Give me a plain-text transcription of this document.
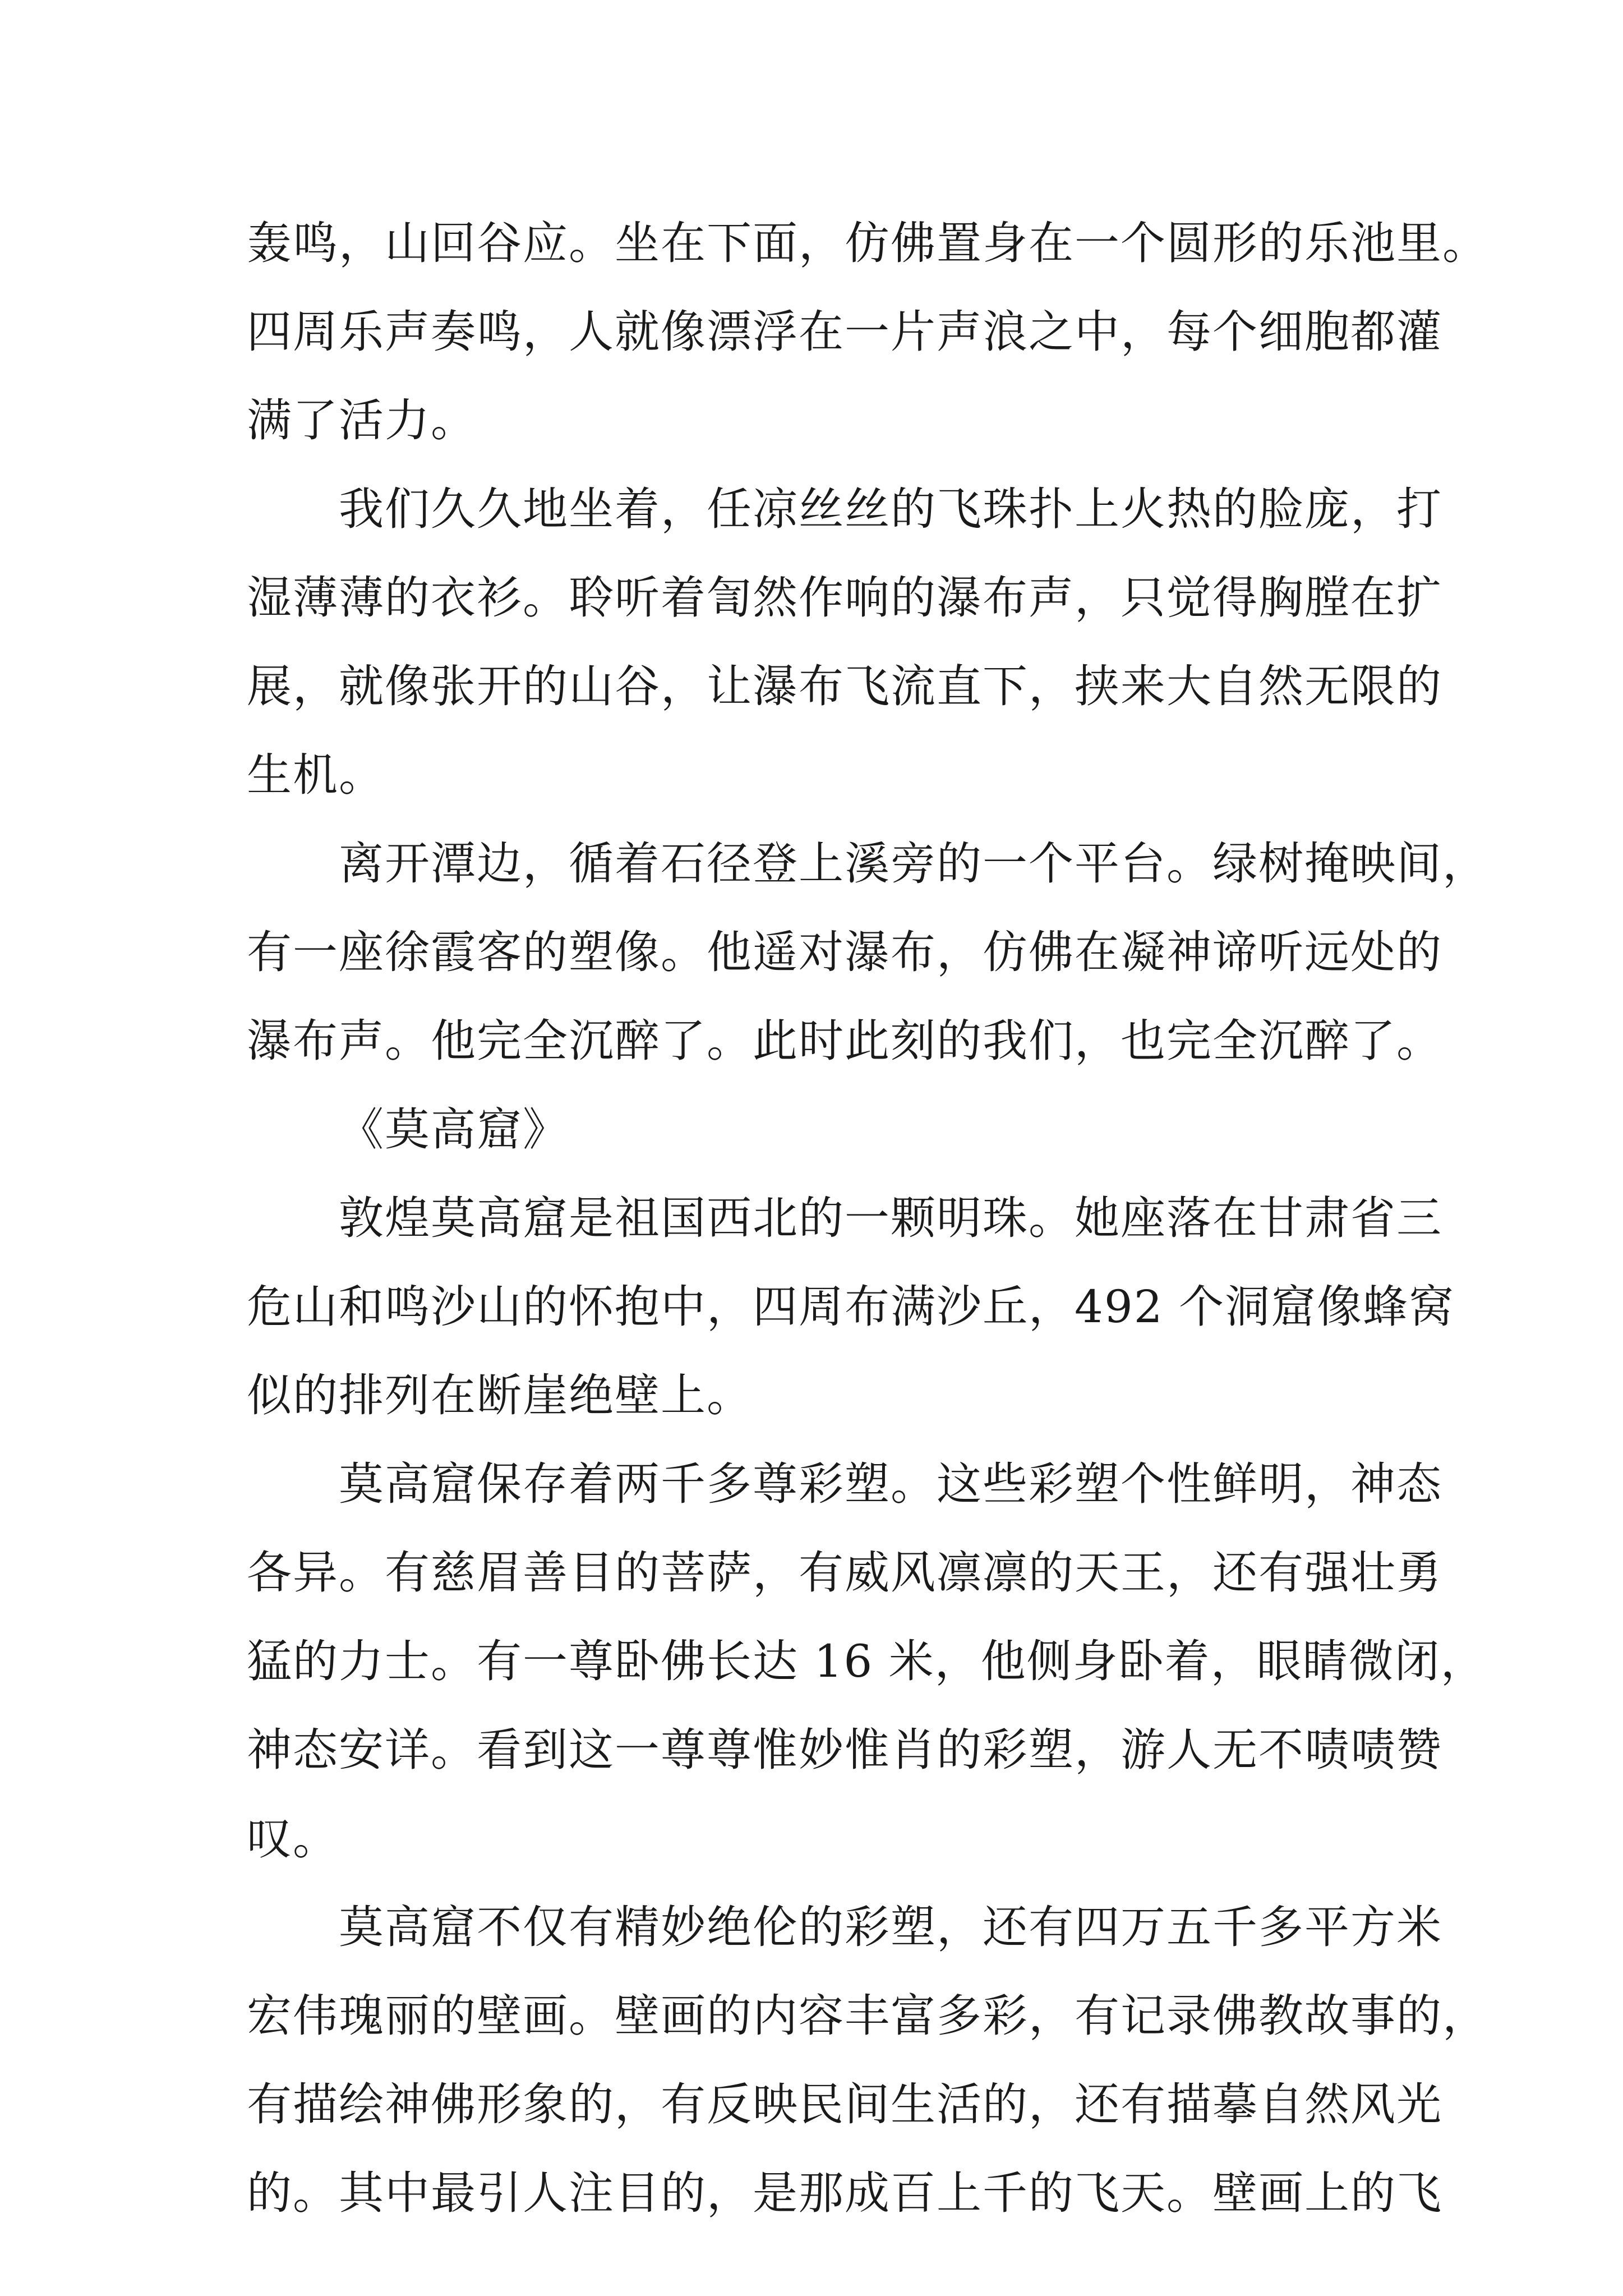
轰鸣，山回谷应。坐在下面，仿佛置身在一个圆形的乐池里。
四周乐声奏鸣，人就像漂浮在一片声浪之中，每个细胞都灌
满了活力。
我们久久地坐着，任凉丝丝的飞珠扑上火热的脸庞，打
湿薄薄的衣衫。聆听着訇然作响的瀑布声，只觉得胸膛在扩
展，就像张开的山谷，让瀑布飞流直下，挟来大自然无限的
生机。
离开潭边，循着石径登上溪旁的一个平台。绿树掩映间，
有一座徐霞客的塑像。他遥对瀑布，仿佛在凝神谛听远处的
瀑布声。他完全沉醉了。此时此刻的我们，也完全沉醉了。
《莫高窟》
敦煌莫高窟是祖国西北的一颗明珠。她座落在甘肃省三
危山和鸣沙山的怀抱中，四周布满沙丘，492 个洞窟像蜂窝
似的排列在断崖绝壁上。
莫高窟保存着两千多尊彩塑。这些彩塑个性鲜明，神态
各异。有慈眉善目的菩萨，有威风凛凛的天王，还有强壮勇
猛的力士。有一尊卧佛长达 16 米，他侧身卧着，眼睛微闭，
神态安详。看到这一尊尊惟妙惟肖的彩塑，游人无不啧啧赞
叹。
莫高窟不仅有精妙绝伦的彩塑，还有四万五千多平方米
宏伟瑰丽的壁画。壁画的内容丰富多彩，有记录佛教故事的，
有描绘神佛形象的，有反映民间生活的，还有描摹自然风光
的。其中最引人注目的，是那成百上千的飞天。壁画上的飞
